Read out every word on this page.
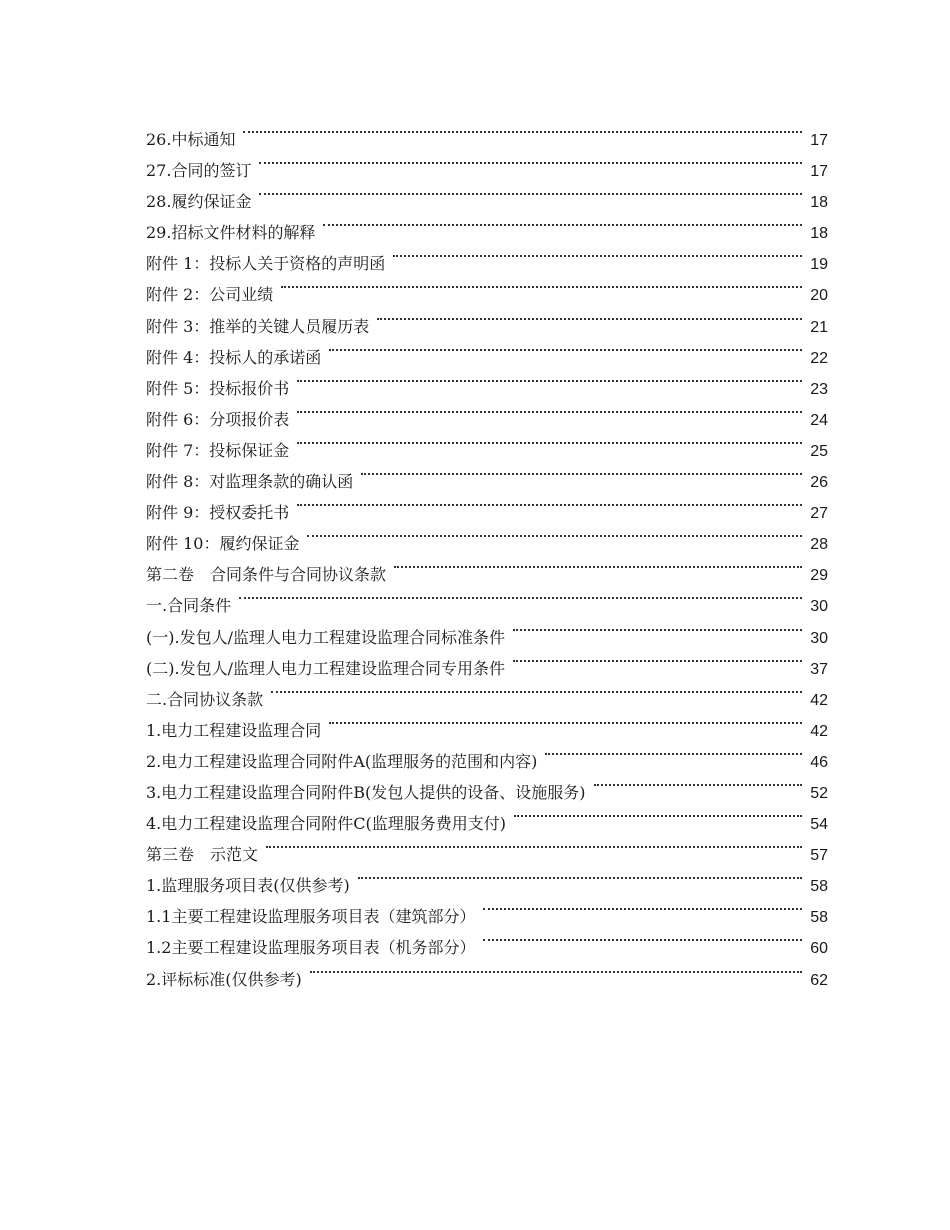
26.中标通知	17
27.合同的签订	17
28.履约保证金	18
29.招标文件材料的解释	18
附件 1：投标人关于资格的声明函	19
附件 2：公司业绩	20
附件 3：推举的关键人员履历表	21
附件 4：投标人的承诺函	22
附件 5：投标报价书	23
附件 6：分项报价表	24
附件 7：投标保证金	25
附件 8：对监理条款的确认函	26
附件 9：授权委托书	27
附件 10：履约保证金	28
第二卷　合同条件与合同协议条款	29
一.合同条件	30
(一).发包人/监理人电力工程建设监理合同标准条件	30
(二).发包人/监理人电力工程建设监理合同专用条件	37
二.合同协议条款	42
1.电力工程建设监理合同	42
2.电力工程建设监理合同附件A(监理服务的范围和内容)	46
3.电力工程建设监理合同附件B(发包人提供的设备、设施服务)	52
4.电力工程建设监理合同附件C(监理服务费用支付)	54
第三卷　示范文	57
1.监理服务项目表(仅供参考)	58
1.1主要工程建设监理服务项目表（建筑部分）	58
1.2主要工程建设监理服务项目表（机务部分）	60
2.评标标准(仅供参考)	62
